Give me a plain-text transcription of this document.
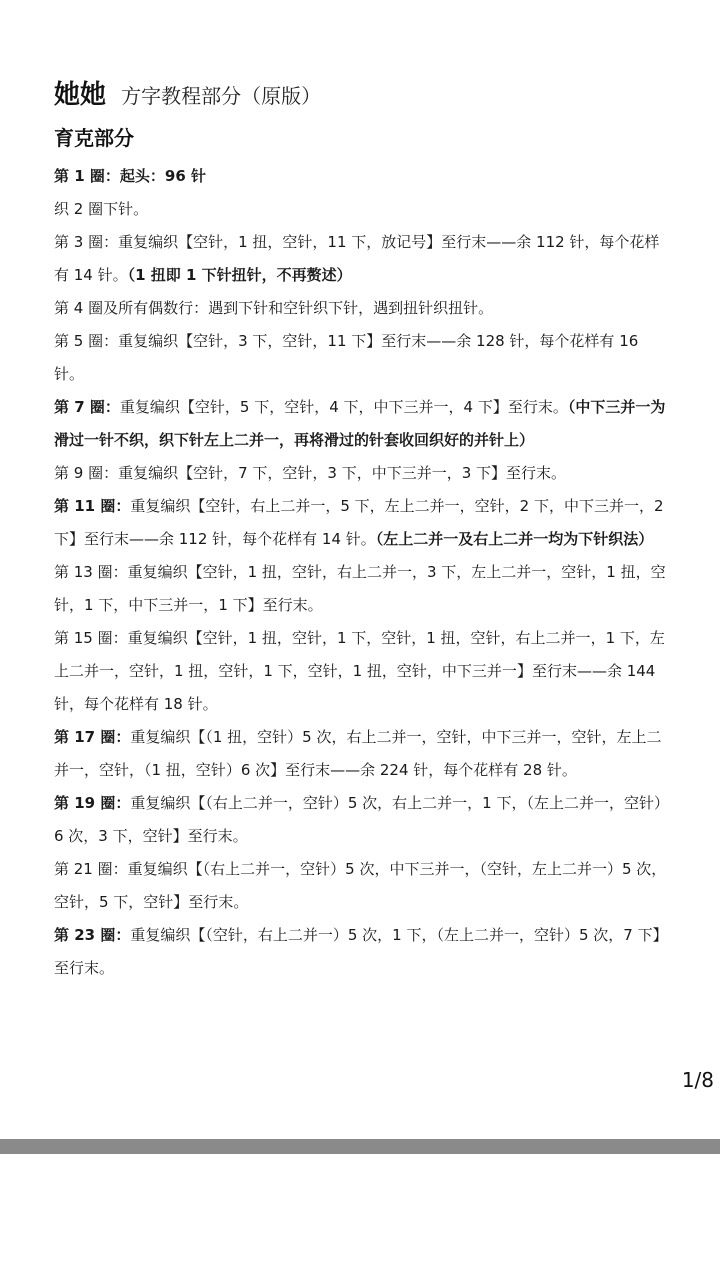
她她 方字教程部分（原版）
育克部分

第 1 圈：起头：96 针

织 2 圈下针。

第 3 圈：重复编织【空针，1 扭，空针，11 下，放记号】至行末——余 112 针，每个花样有 14 针。（1 扭即 1 下针扭针，不再赘述）

第 4 圈及所有偶数行：遇到下针和空针织下针，遇到扭针织扭针。

第 5 圈：重复编织【空针，3 下，空针，11 下】至行末——余 128 针，每个花样有 16 针。

第 7 圈：重复编织【空针，5 下，空针，4 下，中下三并一，4 下】至行末。（中下三并一为滑过一针不织，织下针左上二并一，再将滑过的针套收回织好的并针上）

第 9 圈：重复编织【空针，7 下，空针，3 下，中下三并一，3 下】至行末。

第 11 圈：重复编织【空针，右上二并一，5 下，左上二并一，空针，2 下，中下三并一，2 下】至行末——余 112 针，每个花样有 14 针。（左上二并一及右上二并一均为下针织法）

第 13 圈：重复编织【空针，1 扭，空针，右上二并一，3 下，左上二并一，空针，1 扭，空针，1 下，中下三并一，1 下】至行末。

第 15 圈：重复编织【空针，1 扭，空针，1 下，空针，1 扭，空针，右上二并一，1 下，左上二并一，空针，1 扭，空针，1 下，空针，1 扭，空针，中下三并一】至行末——余 144 针，每个花样有 18 针。

第 17 圈：重复编织【（1 扭，空针）5 次，右上二并一，空针，中下三并一，空针，左上二并一，空针，（1 扭，空针）6 次】至行末——余 224 针，每个花样有 28 针。

第 19 圈：重复编织【（右上二并一，空针）5 次，右上二并一，1 下，（左上二并一，空针）6 次，3 下，空针】至行末。

第 21 圈：重复编织【（右上二并一，空针）5 次，中下三并一，（空针，左上二并一）5 次，空针，5 下，空针】至行末。

第 23 圈：重复编织【（空针，右上二并一）5 次，1 下，（左上二并一，空针）5 次，7 下】至行末。

1/8
